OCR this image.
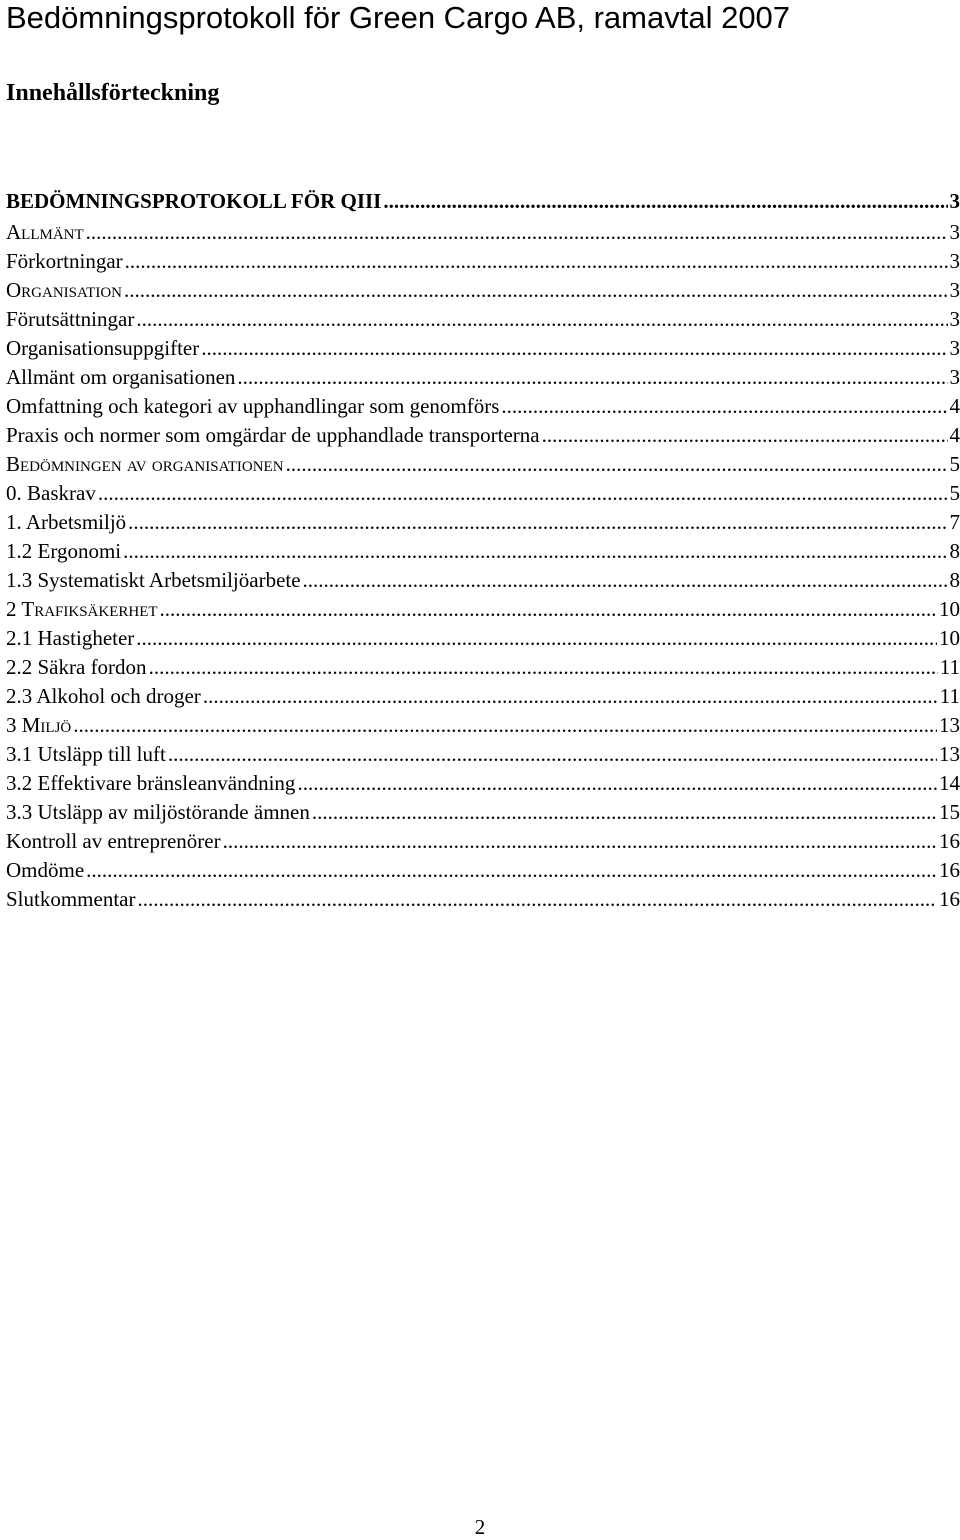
Bedömningsprotokoll för Green Cargo AB, ramavtal 2007
Innehållsförteckning
BEDÖMNINGSPROTOKOLL FÖR QIII .....	3
Allmänt .....	3
Förkortningar .....	3
Organisation .....	3
Förutsättningar .....	3
Organisationsuppgifter .....	3
Allmänt om organisationen .....	3
Omfattning och kategori av upphandlingar som genomförs .....	4
Praxis och normer som omgärdar de upphandlade transporterna .....	4
Bedömningen av organisationen .....	5
0. Baskrav .....	5
1. Arbetsmiljö .....	7
1.2 Ergonomi .....	8
1.3 Systematiskt Arbetsmiljöarbete .....	8
2 Trafiksäkerhet .....	10
2.1 Hastigheter .....	10
2.2 Säkra fordon .....	11
2.3 Alkohol och droger .....	11
3 Miljö .....	13
3.1 Utsläpp till luft .....	13
3.2 Effektivare bränsleanvändning .....	14
3.3 Utsläpp av miljöstörande ämnen .....	15
Kontroll av entreprenörer .....	16
Omdöme .....	16
Slutkommentar .....	16
2
